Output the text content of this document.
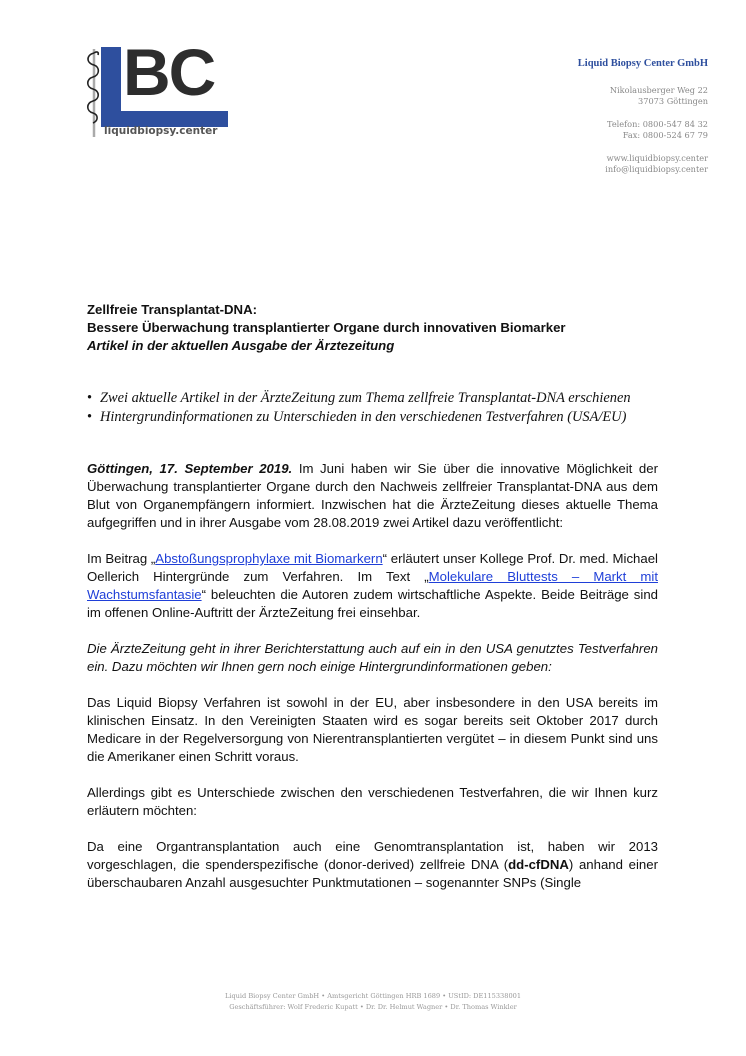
BC
liquidbiopsy.center
Liquid Biopsy Center GmbH
Nikolausberger Weg 22
37073 Göttingen
Telefon: 0800-547 84 32
Fax: 0800-524 67 79
www.liquidbiopsy.center
info@liquidbiopsy.center
Zellfreie Transplantat-DNA:
Bessere Überwachung transplantierter Organe durch innovativen Biomarker
Artikel in der aktuellen Ausgabe der Ärztezeitung
• Zwei aktuelle Artikel in der ÄrzteZeitung zum Thema zellfreie Transplantat-DNA erschienen
• Hintergrundinformationen zu Unterschieden in den verschiedenen Testverfahren (USA/EU)

Göttingen, 17. September 2019. Im Juni haben wir Sie über die innovative Möglichkeit der Überwachung transplantierter Organe durch den Nachweis zellfreier Transplantat-DNA aus dem Blut von Organempfängern informiert. Inzwischen hat die ÄrzteZeitung dieses aktuelle Thema aufgegriffen und in ihrer Ausgabe vom 28.08.2019 zwei Artikel dazu veröffentlicht:

Im Beitrag „Abstoßungsprophylaxe mit Biomarkern“ erläutert unser Kollege Prof. Dr. med. Michael Oellerich Hintergründe zum Verfahren. Im Text „Molekulare Bluttests – Markt mit Wachstumsfantasie“ beleuchten die Autoren zudem wirtschaftliche Aspekte. Beide Beiträge sind im offenen Online-Auftritt der ÄrzteZeitung frei einsehbar.

Die ÄrzteZeitung geht in ihrer Berichterstattung auch auf ein in den USA genutztes Testverfahren ein. Dazu möchten wir Ihnen gern noch einige Hintergrundinformationen geben:

Das Liquid Biopsy Verfahren ist sowohl in der EU, aber insbesondere in den USA bereits im klinischen Einsatz. In den Vereinigten Staaten wird es sogar bereits seit Oktober 2017 durch Medicare in der Regelversorgung von Nierentransplantierten vergütet – in diesem Punkt sind uns die Amerikaner einen Schritt voraus.

Allerdings gibt es Unterschiede zwischen den verschiedenen Testverfahren, die wir Ihnen kurz erläutern möchten:

Da eine Organtransplantation auch eine Genomtransplantation ist, haben wir 2013 vorgeschlagen, die spenderspezifische (donor-derived) zellfreie DNA (dd-cfDNA) anhand einer überschaubaren Anzahl ausgesuchter Punktmutationen – sogenannter SNPs (Single

Liquid Biopsy Center GmbH • Amtsgericht Göttingen HRB 1689 • UStID: DE115338001
Geschäftsführer: Wolf Frederic Kupatt • Dr. Dr. Helmut Wagner • Dr. Thomas Winkler
